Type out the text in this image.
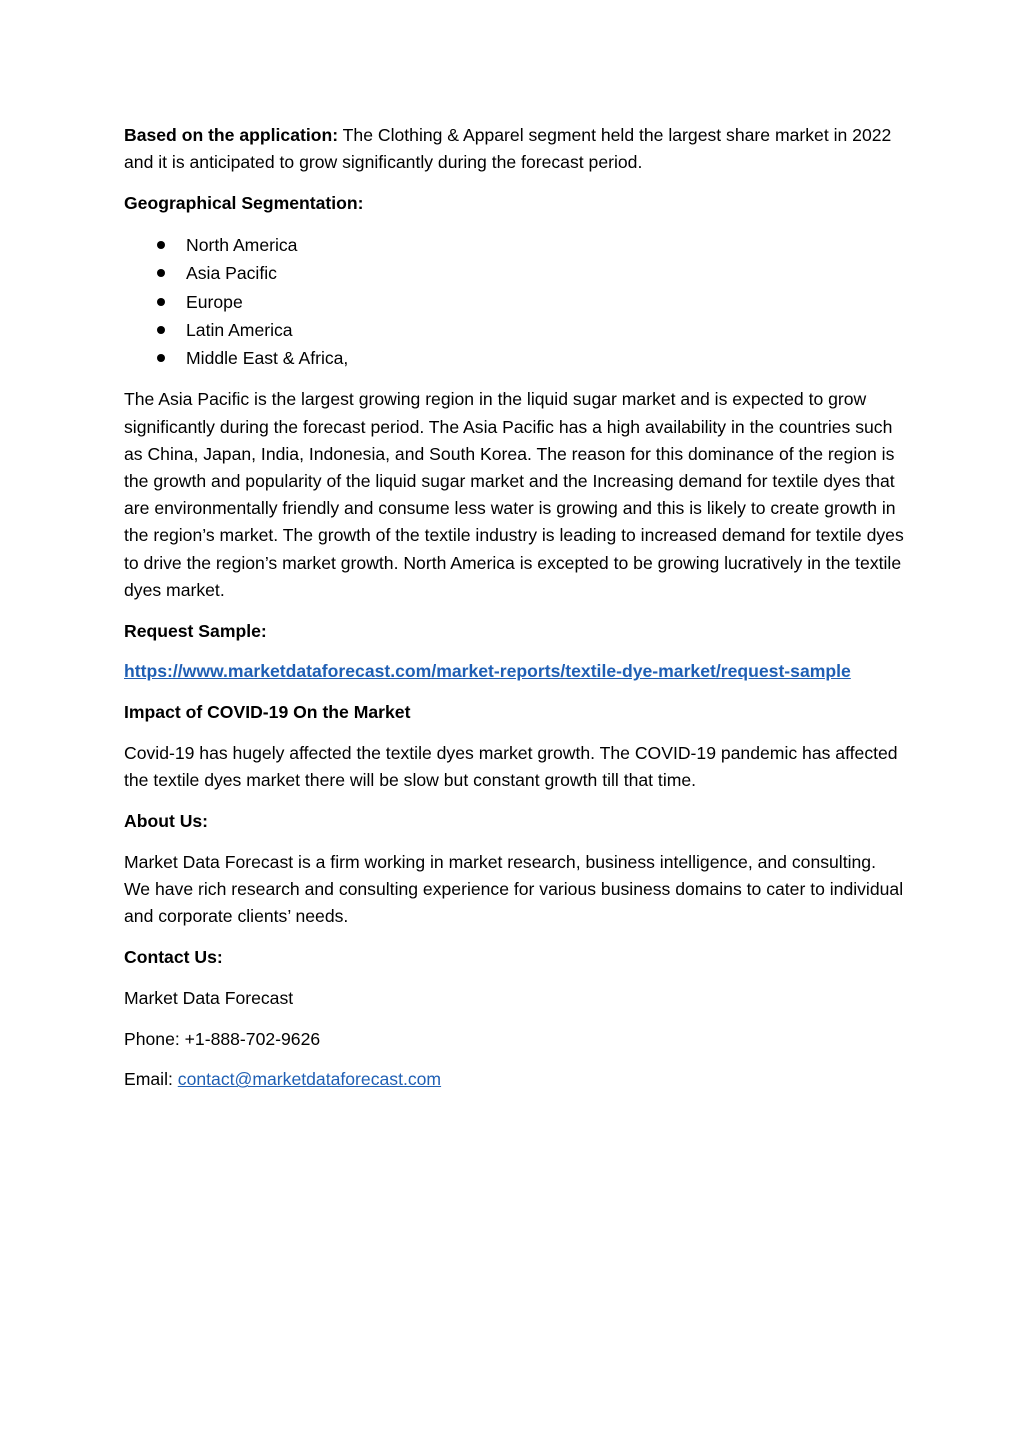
Based on the application: The Clothing & Apparel segment held the largest share market in 2022 and it is anticipated to grow significantly during the forecast period.

Geographical Segmentation:

North America
Asia Pacific
Europe
Latin America
Middle East & Africa,

The Asia Pacific is the largest growing region in the liquid sugar market and is expected to grow significantly during the forecast period. The Asia Pacific has a high availability in the countries such as China, Japan, India, Indonesia, and South Korea. The reason for this dominance of the region is the growth and popularity of the liquid sugar market and the Increasing demand for textile dyes that are environmentally friendly and consume less water is growing and this is likely to create growth in the region’s market. The growth of the textile industry is leading to increased demand for textile dyes to drive the region’s market growth. North America is excepted to be growing lucratively in the textile dyes market.

Request Sample:

https://www.marketdataforecast.com/market-reports/textile-dye-market/request-sample

Impact of COVID-19 On the Market

Covid-19 has hugely affected the textile dyes market growth. The COVID-19 pandemic has affected the textile dyes market there will be slow but constant growth till that time.

About Us:

Market Data Forecast is a firm working in market research, business intelligence, and consulting. We have rich research and consulting experience for various business domains to cater to individual and corporate clients’ needs.

Contact Us:

Market Data Forecast

Phone: +1-888-702-9626

Email: contact@marketdataforecast.com
